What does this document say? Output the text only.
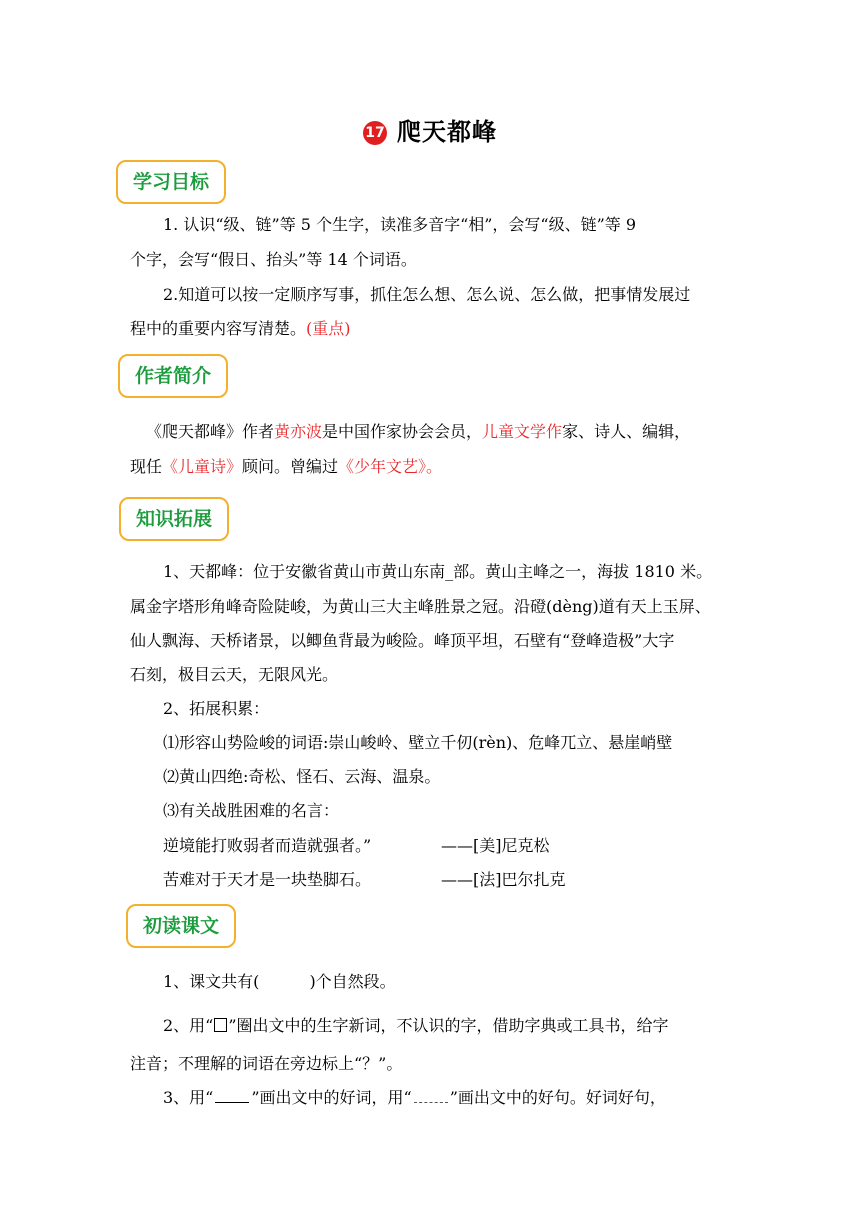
17 爬天都峰
学习目标
1. 认识“级、链”等 5 个生字，读准多音字“相”，会写“级、链”等 9
个字，会写“假日、抬头”等 14 个词语。
2.知道可以按一定顺序写事，抓住怎么想、怎么说、怎么做，把事情发展过
程中的重要内容写清楚。(重点)
作者简介
《爬天都峰》作者黄亦波是中国作家协会会员，儿童文学作家、诗人、编辑，
现任《儿童诗》顾问。曾编过《少年文艺》。
知识拓展
1、天都峰：位于安徽省黄山市黄山东南_部。黄山主峰之一，海拔 1810 米。
属金字塔形角峰奇险陡峻，为黄山三大主峰胜景之冠。沿磴(dèng)道有天上玉屏、
仙人飘海、天桥诸景，以鲫鱼背最为峻险。峰顶平坦，石壁有“登峰造极”大字
石刻，极目云天，无限风光。
2、拓展积累：
⑴形容山势险峻的词语:崇山峻岭、壁立千仞(rèn)、危峰兀立、悬崖峭壁
⑵黄山四绝:奇松、怪石、云海、温泉。
⑶有关战胜困难的名言：
逆境能打败弱者而造就强者。”	——[美]尼克松
苦难对于天才是一块垫脚石。	——[法]巴尔扎克
初读课文
1、课文共有(	)个自然段。
2、用“○”圈出文中的生字新词，不认识的字，借助字典或工具书，给字
注音；不理解的词语在旁边标上“？”。
3、用“ ”画出文中的好词，用“ ”画出文中的好句。好词好句，
